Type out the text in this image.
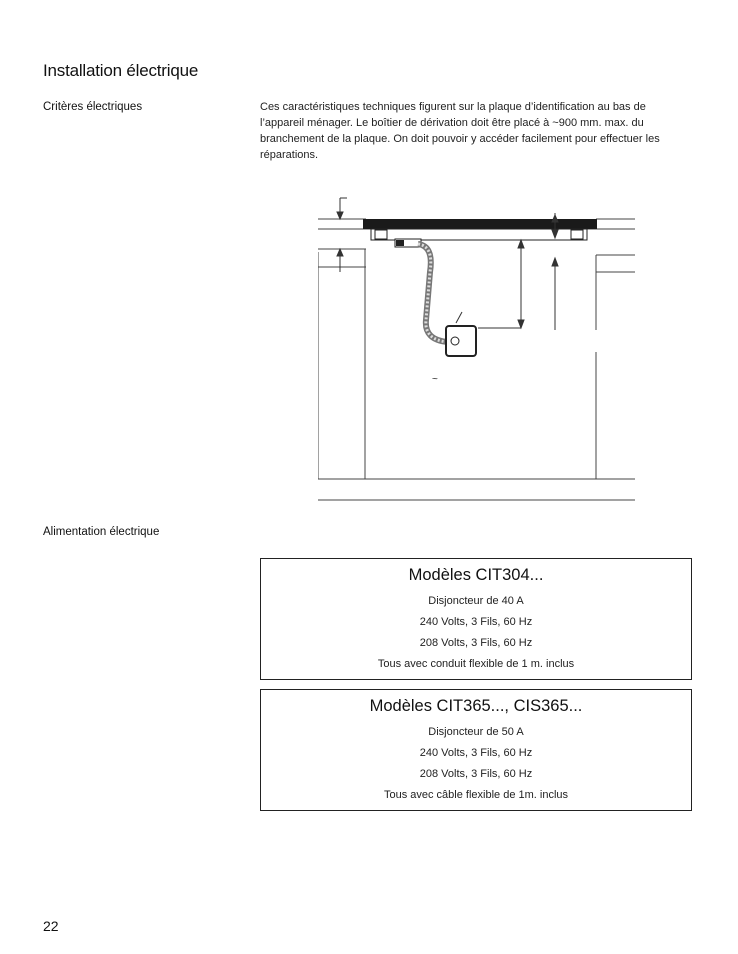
Installation électrique
Critères électriques	Ces caractéristiques techniques figurent sur la plaque d’identification au bas de l’appareil ménager. Le boîtier de dérivation doit être placé à ~900 mm. max. du branchement de la plaque. On doit pouvoir y accéder facilement pour effectuer les réparations.
~
Alimentation électrique
Modèles CIT304...
Disjoncteur de 40 A
240 Volts, 3 Fils, 60 Hz
208 Volts, 3 Fils, 60 Hz
Tous avec conduit flexible de 1 m. inclus
Modèles CIT365..., CIS365...
Disjoncteur de 50 A
240 Volts, 3 Fils, 60 Hz
208 Volts, 3 Fils, 60 Hz
Tous avec câble flexible de 1m. inclus
22
